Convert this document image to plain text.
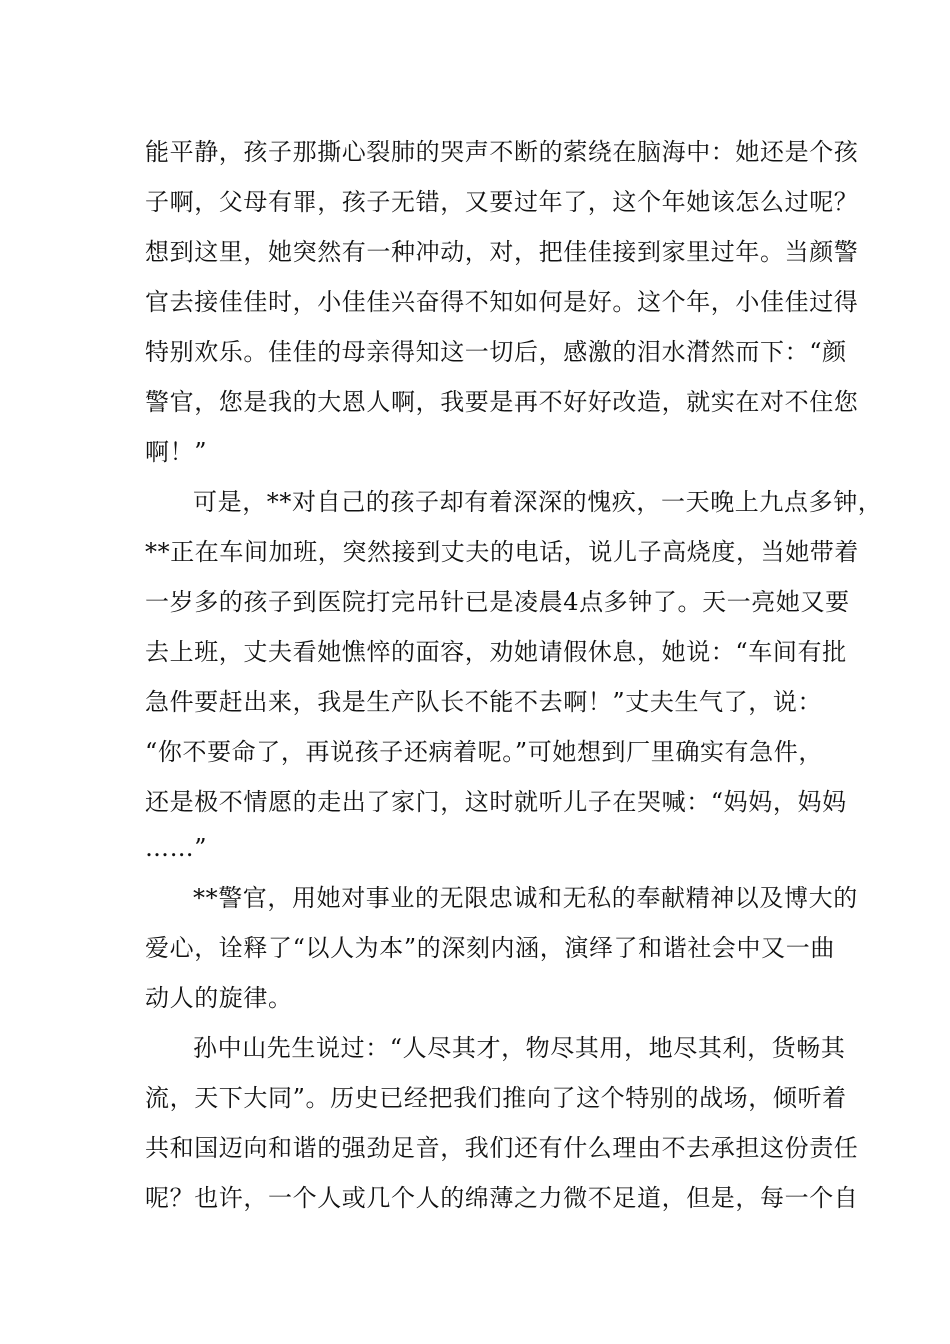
能平静，孩子那撕心裂肺的哭声不断的萦绕在脑海中：她还是个孩
子啊，父母有罪，孩子无错，又要过年了，这个年她该怎么过呢？
想到这里，她突然有一种冲动，对，把佳佳接到家里过年。当颜警
官去接佳佳时，小佳佳兴奋得不知如何是好。这个年，小佳佳过得
特别欢乐。佳佳的母亲得知这一切后，感激的泪水潸然而下：“颜
警官，您是我的大恩人啊，我要是再不好好改造，就实在对不住您
啊！”
可是，**对自己的孩子却有着深深的愧疚，一天晚上九点多钟，
**正在车间加班，突然接到丈夫的电话，说儿子高烧度，当她带着
一岁多的孩子到医院打完吊针已是凌晨4点多钟了。天一亮她又要
去上班，丈夫看她憔悴的面容，劝她请假休息，她说：“车间有批
急件要赶出来，我是生产队长不能不去啊！”丈夫生气了，说：
“你不要命了，再说孩子还病着呢。”可她想到厂里确实有急件，
还是极不情愿的走出了家门，这时就听儿子在哭喊：“妈妈，妈妈
……”
**警官，用她对事业的无限忠诚和无私的奉献精神以及博大的
爱心，诠释了“以人为本”的深刻内涵，演绎了和谐社会中又一曲
动人的旋律。
孙中山先生说过：“人尽其才，物尽其用，地尽其利，货畅其
流，天下大同”。历史已经把我们推向了这个特别的战场，倾听着
共和国迈向和谐的强劲足音，我们还有什么理由不去承担这份责任
呢？也许，一个人或几个人的绵薄之力微不足道，但是，每一个自
